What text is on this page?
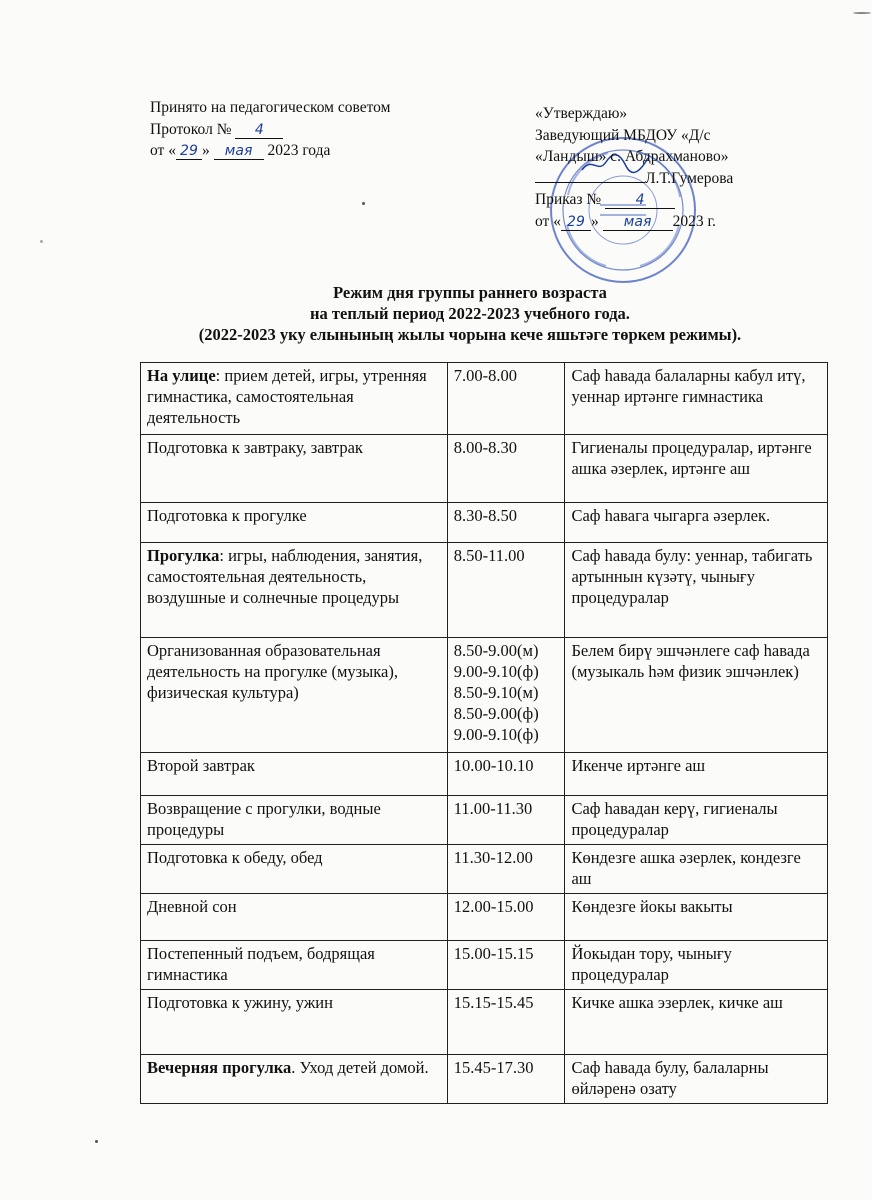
Принято на педагогическом советом
Протокол № 4
от « 29 » мая 2023 года
«Утверждаю»
Заведующий МБДОУ «Д/с
«Ландыш» с. Абдрахманово»
Л.Т.Гумерова
Приказ № 4
от « 29 » мая 2023 г.
Режим дня группы раннего возраста
на теплый период 2022-2023 учебного года.
(2022-2023 уку елынының жылы чорына кече яшьтәге төркем режимы).
На улице: прием детей, игры, утренняя гимнастика, самостоятельная деятельность	7.00-8.00	Саф һавада балаларны кабул итү, уеннар иртәнге гимнастика
Подготовка к завтраку, завтрак	8.00-8.30	Гигиеналы процедуралар, иртәнге ашка әзерлек, иртәнге аш
Подготовка к прогулке	8.30-8.50	Саф һавага чыгарга әзерлек.
Прогулка: игры, наблюдения, занятия, самостоятельная деятельность, воздушные и солнечные процедуры	8.50-11.00	Саф һавада булу: уеннар, табигать артыннын күзәтү, чынығу процедуралар
Организованная образовательная деятельность на прогулке (музыка), физическая культура)	8.50-9.00(м) 9.00-9.10(ф) 8.50-9.10(м) 8.50-9.00(ф) 9.00-9.10(ф)	Белем бирү эшчәнлеге саф һавада (музыкаль һәм физик эшчәнлек)
Второй завтрак	10.00-10.10	Икенче иртәнге аш
Возвращение с прогулки, водные процедуры	11.00-11.30	Саф һавадан керү, гигиеналы процедуралар
Подготовка к обеду, обед	11.30-12.00	Көндезге ашка әзерлек, кондезге аш
Дневной сон	12.00-15.00	Көндезге йокы вакыты
Постепенный подъем, бодрящая гимнастика	15.00-15.15	Йокыдан тору, чынығу процедуралар
Подготовка к ужину, ужин	15.15-15.45	Кичке ашка эзерлек, кичке аш
Вечерняя прогулка. Уход детей домой.	15.45-17.30	Саф һавада булу, балаларны өйләренә озату
